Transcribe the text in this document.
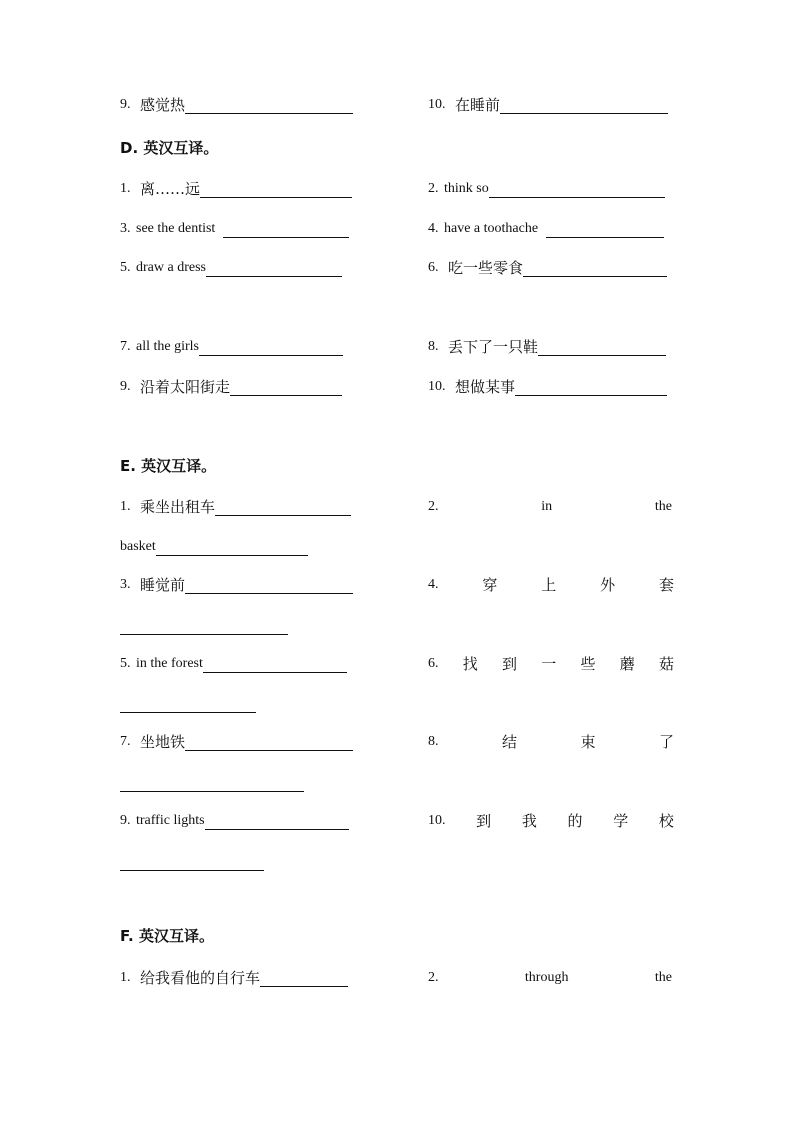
9. 感觉热	10. 在睡前
D. 英汉互译。
1. 离……远	2. think so
3. see the dentist	4. have a toothache
5. draw a dress	6. 吃一些零食
7. all the girls	8. 丢下了一只鞋
9. 沿着太阳街走	10. 想做某事
E. 英汉互译。
1. 乘坐出租车	2.	in	the
basket
3. 睡觉前	4.	穿	上	外	套
5. in the forest	6. 找 到 一 些 蘑 菇
7. 坐地铁	8.	结	束	了
9. traffic lights	10. 到 我 的 学 校
F. 英汉互译。
1. 给我看他的自行车	2.	through	the
